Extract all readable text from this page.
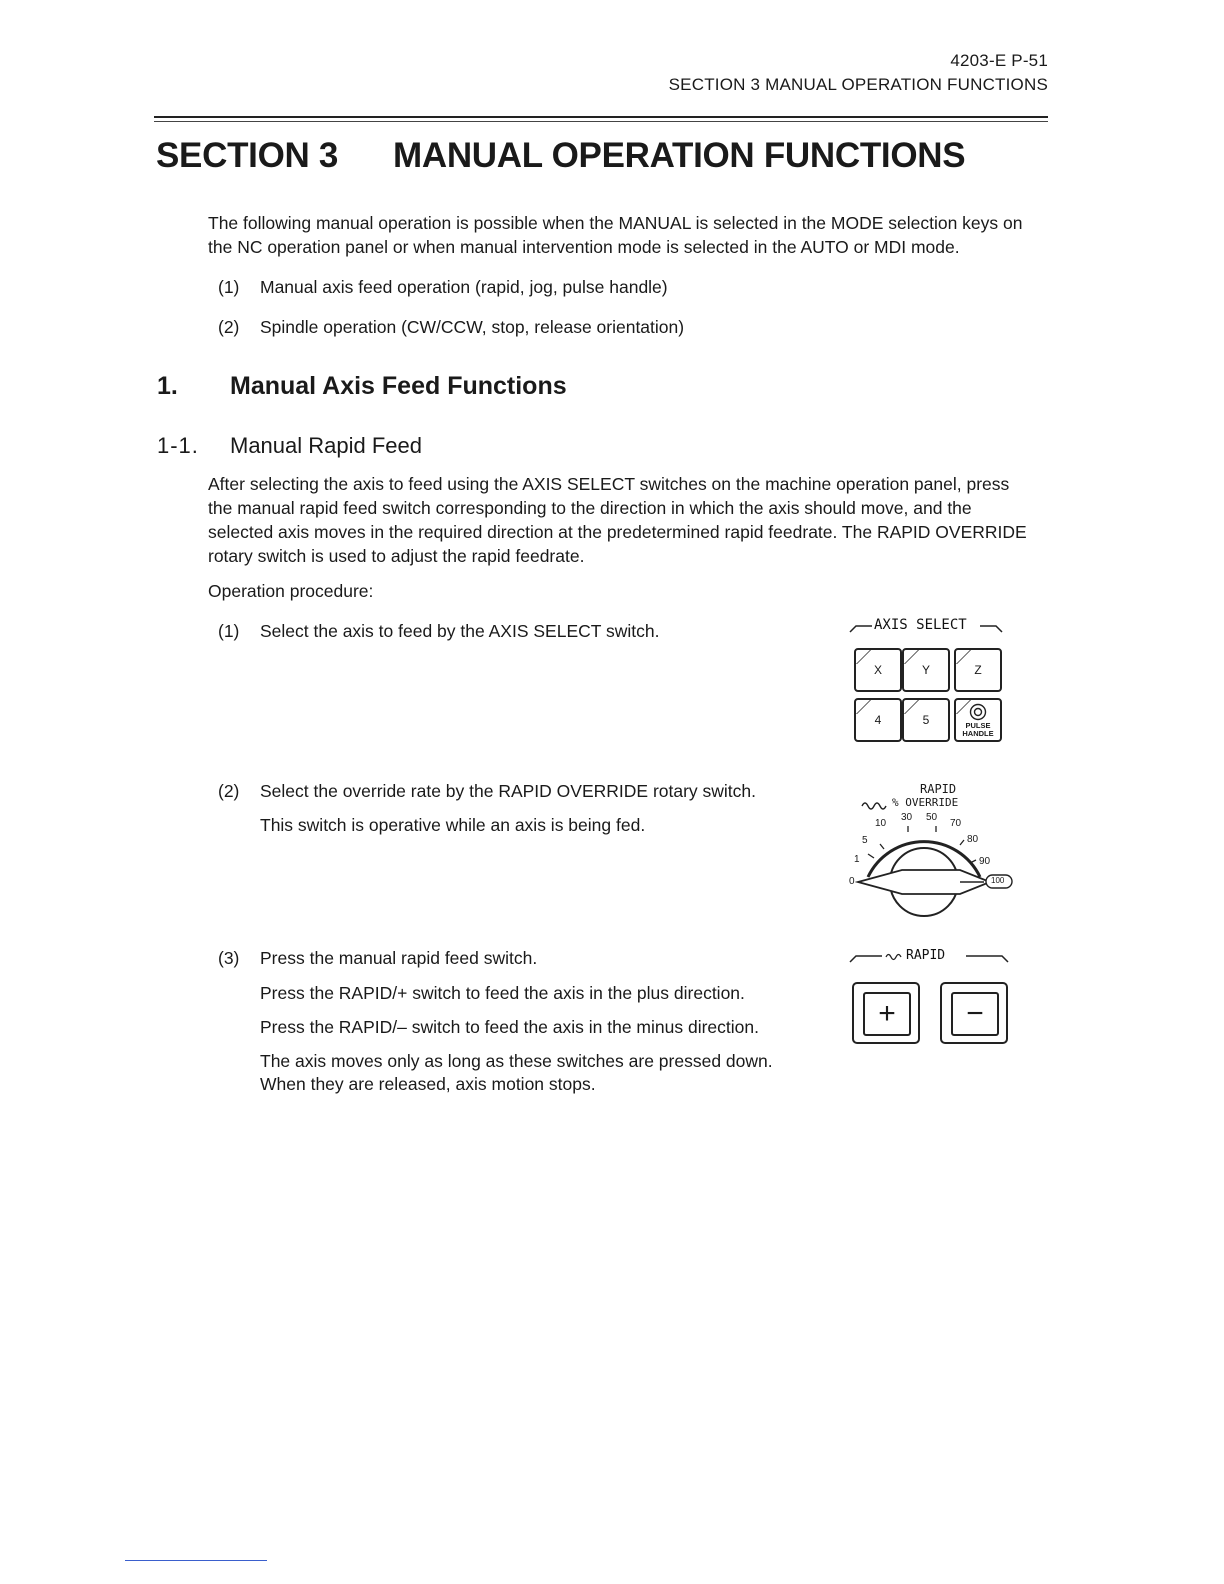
4203-E P-51
SECTION 3 MANUAL OPERATION FUNCTIONS
SECTION 3 MANUAL OPERATION FUNCTIONS
The following manual operation is possible when the MANUAL is selected in the MODE selection keys on
the NC operation panel or when manual intervention mode is selected in the AUTO or MDI mode.
(1) Manual axis feed operation (rapid, jog, pulse handle)
(2) Spindle operation (CW/CCW, stop, release orientation)
1. Manual Axis Feed Functions
1-1. Manual Rapid Feed
After selecting the axis to feed using the AXIS SELECT switches on the machine operation panel, press
the manual rapid feed switch corresponding to the direction in which the axis should move, and the
selected axis moves in the required direction at the predetermined rapid feedrate. The RAPID OVERRIDE
rotary switch is used to adjust the rapid feedrate.
Operation procedure:
(1) Select the axis to feed by the AXIS SELECT switch.
(2) Select the override rate by the RAPID OVERRIDE rotary switch.
This switch is operative while an axis is being fed.
(3) Press the manual rapid feed switch.
Press the RAPID/+ switch to feed the axis in the plus direction.
Press the RAPID/– switch to feed the axis in the minus direction.
The axis moves only as long as these switches are pressed down.
When they are released, axis motion stops.
AXIS SELECT
X	Y	Z
4	5	PULSE HANDLE
RAPID
% OVERRIDE
0
1
5
10
30 50
70
80
90
100
RAPID
+ −
